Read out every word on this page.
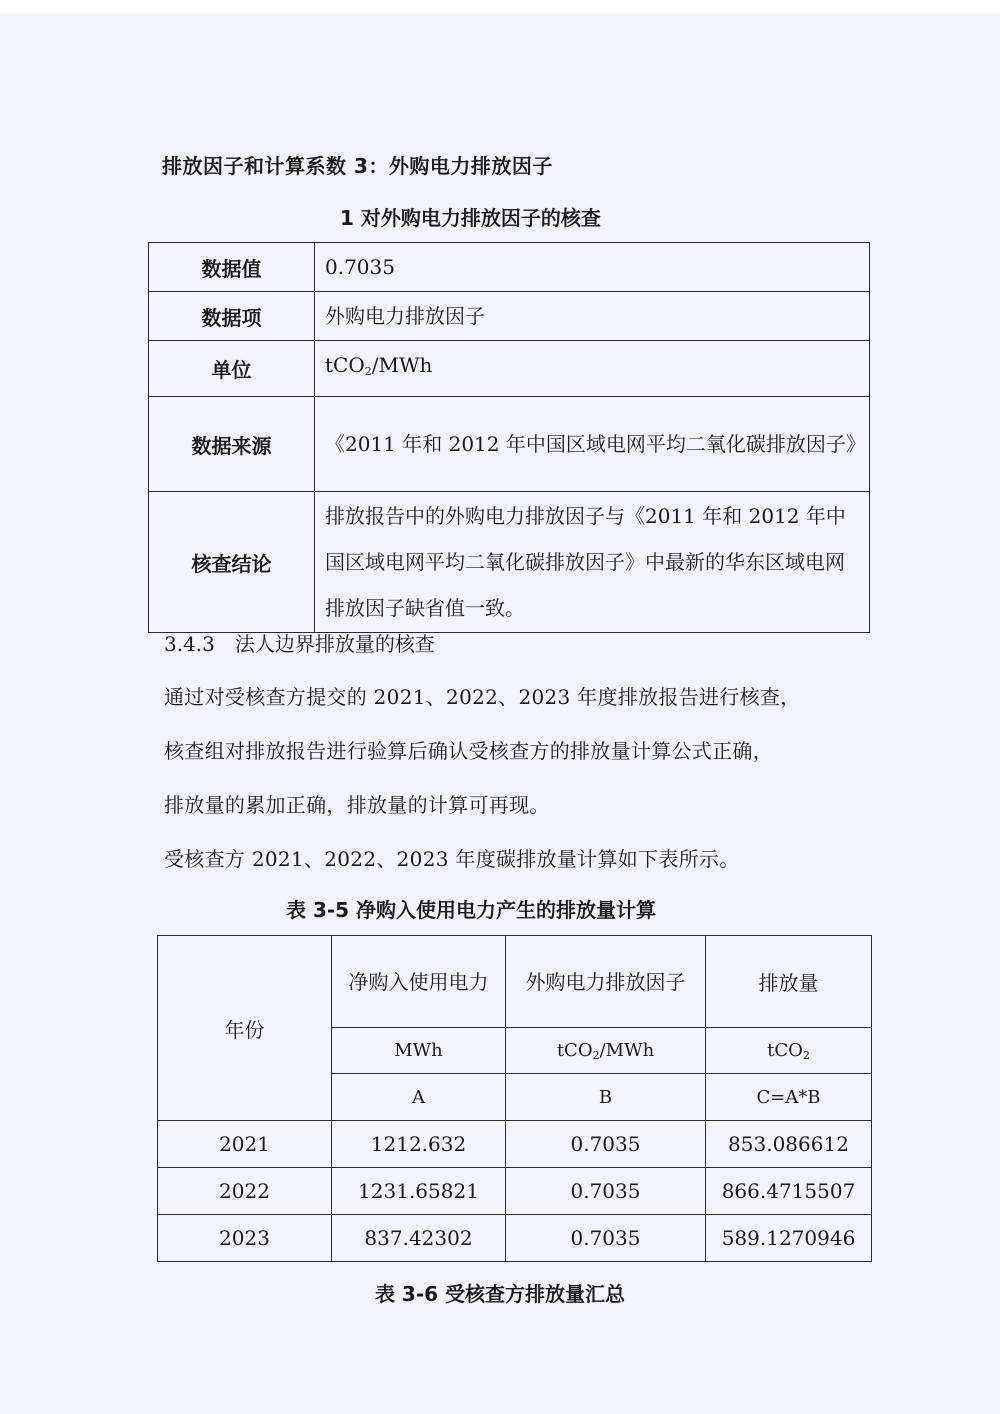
排放因子和计算系数 3：外购电力排放因子
1 对外购电力排放因子的核查
数据值	0.7035
数据项	外购电力排放因子
单位	tCO$_2$/MWh
数据来源	《2011 年和 2012 年中国区域电网平均二氧化碳排放因子》
核查结论	排放报告中的外购电力排放因子与《2011 年和 2012 年中国区域电网平均二氧化碳排放因子》中最新的华东区域电网排放因子缺省值一致。
3.4.3 法人边界排放量的核查
通过对受核查方提交的 2021、2022、2023 年度排放报告进行核查，
核查组对排放报告进行验算后确认受核查方的排放量计算公式正确，
排放量的累加正确，排放量的计算可再现。
受核查方 2021、2022、2023 年度碳排放量计算如下表所示。
表 3-5 净购入使用电力产生的排放量计算
年份	净购入使用电力	外购电力排放因子	排放量
	MWh	tCO$_2$/MWh	tCO$_2$
	A	B	C=A*B
2021	1212.632	0.7035	853.086612
2022	1231.65821	0.7035	866.4715507
2023	837.42302	0.7035	589.1270946
表 3-6 受核查方排放量汇总
